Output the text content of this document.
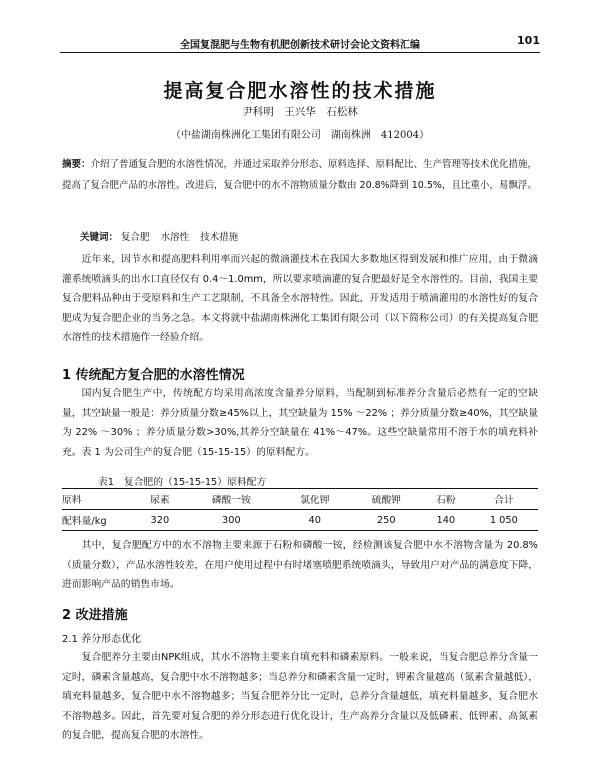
全国复混肥与生物有机肥创新技术研讨会论文资料汇编	101
提高复合肥水溶性的技术措施
尹科明　王兴华　石松林
（中盐湖南株洲化工集团有限公司　湖南株洲　412004）
摘要：介绍了普通复合肥的水溶性情况，并通过采取养分形态、原料选择、原料配比、生产管理等技术优化措施，提高了复合肥产品的水溶性。改进后，复合肥中的水不溶物质量分数由 20.8%降到 10.5%，且比重小，易飘浮。
关键词： 复合肥 水溶性 技术措施

近年来，因节水和提高肥料利用率而兴起的微滴灌技术在我国大多数地区得到发展和推广应用，由于微滴灌系统喷滴头的出水口直径仅有 0.4～1.0mm，所以要求喷滴灌的复合肥最好是全水溶性的。目前，我国主要复合肥料品种由于受原料和生产工艺限制，不具备全水溶特性。因此，开发适用于喷滴灌用的水溶性好的复合肥成为复合肥企业的当务之急。本文将就中盐湖南株洲化工集团有限公司（以下简称公司）的有关提高复合肥水溶性的技术措施作一经验介绍。

1 传统配方复合肥的水溶性情况

国内复合肥生产中，传统配方均采用高浓度含量养分原料，当配制到标准养分含量后必然有一定的空缺量，其空缺量一般是：养分质量分数≥45%以上，其空缺量为 15% ～22% ；养分质量分数≥40%，其空缺量为 22% ～30% ；养分质量分数>30%,其养分空缺量在 41%～47%。这些空缺量常用不溶于水的填充料补充。表 1 为公司生产的复合肥（15-15-15）的原料配方。

表1　复合肥的（15-15-15）原料配方
原料	尿素	磷酸一铵	氯化钾	硫酸钾	石粉	合计
配料量/kg	320	300	40	250	140	1 050

其中，复合肥配方中的水不溶物主要来源于石粉和磷酸一铵，经检测该复合肥中水不溶物含量为 20.8%（质量分数），产品水溶性较差，在用户使用过程中有时堵塞喷肥系统喷滴头，导致用户对产品的满意度下降，进而影响产品的销售市场。

2 改进措施
2.1 养分形态优化

复合肥养分主要由NPK组成，其水不溶物主要来自填充料和磷素原料。一般来说，当复合肥总养分含量一定时，磷素含量越高，复合肥中水不溶物越多；当总养分和磷素含量一定时，钾素含量越高（氮素含量越低），填充料量越多，复合肥中水不溶物越多；当复合肥养分比一定时，总养分含量越低，填充料量越多，复合肥水不溶物越多。因此，首先要对复合肥的养分形态进行优化设计，生产高养分含量以及低磷素、低钾素、高氮素的复合肥，提高复合肥的水溶性。
